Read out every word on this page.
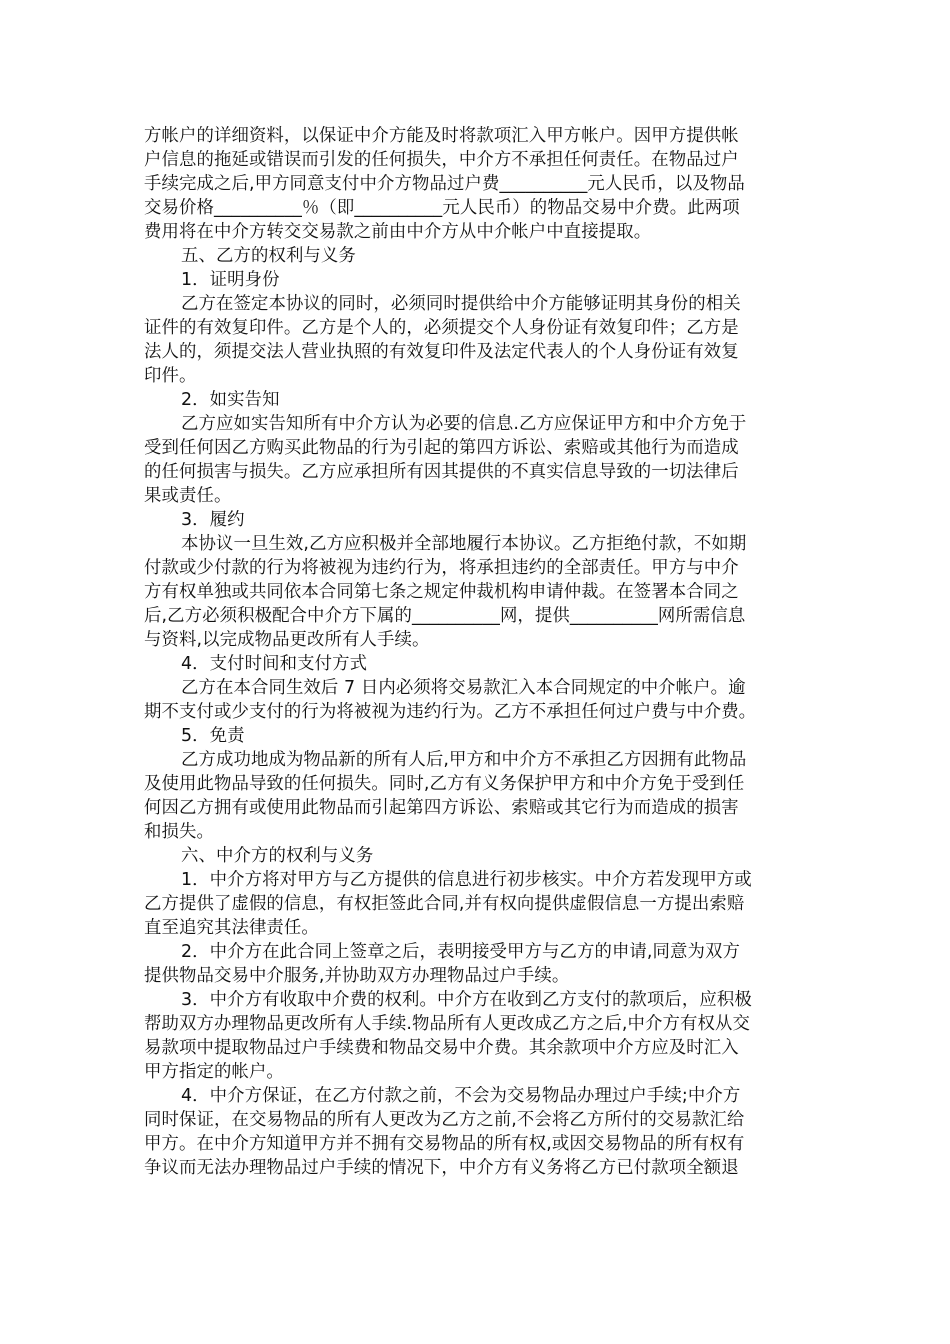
方帐户的详细资料，以保证中介方能及时将款项汇入甲方帐户。因甲方提供帐
户信息的拖延或错误而引发的任何损失，中介方不承担任何责任。在物品过户
手续完成之后,甲方同意支付中介方物品过户费__________元人民币，以及物品
交易价格__________％（即__________元人民币）的物品交易中介费。此两项
费用将在中介方转交交易款之前由中介方从中介帐户中直接提取。
五、乙方的权利与义务
1．证明身份
乙方在签定本协议的同时，必须同时提供给中介方能够证明其身份的相关
证件的有效复印件。乙方是个人的，必须提交个人身份证有效复印件；乙方是
法人的，须提交法人营业执照的有效复印件及法定代表人的个人身份证有效复
印件。
2．如实告知
乙方应如实告知所有中介方认为必要的信息.乙方应保证甲方和中介方免于
受到任何因乙方购买此物品的行为引起的第四方诉讼、索赔或其他行为而造成
的任何损害与损失。乙方应承担所有因其提供的不真实信息导致的一切法律后
果或责任。
3．履约
本协议一旦生效,乙方应积极并全部地履行本协议。乙方拒绝付款，不如期
付款或少付款的行为将被视为违约行为，将承担违约的全部责任。甲方与中介
方有权单独或共同依本合同第七条之规定仲裁机构申请仲裁。在签署本合同之
后,乙方必须积极配合中介方下属的__________网，提供__________网所需信息
与资料,以完成物品更改所有人手续。
4．支付时间和支付方式
乙方在本合同生效后 7 日内必须将交易款汇入本合同规定的中介帐户。逾
期不支付或少支付的行为将被视为违约行为。乙方不承担任何过户费与中介费。
5．免责
乙方成功地成为物品新的所有人后,甲方和中介方不承担乙方因拥有此物品
及使用此物品导致的任何损失。同时,乙方有义务保护甲方和中介方免于受到任
何因乙方拥有或使用此物品而引起第四方诉讼、索赔或其它行为而造成的损害
和损失。
六、中介方的权利与义务
1．中介方将对甲方与乙方提供的信息进行初步核实。中介方若发现甲方或
乙方提供了虚假的信息，有权拒签此合同,并有权向提供虚假信息一方提出索赔
直至追究其法律责任。
2．中介方在此合同上签章之后，表明接受甲方与乙方的申请,同意为双方
提供物品交易中介服务,并协助双方办理物品过户手续。
3．中介方有收取中介费的权利。中介方在收到乙方支付的款项后，应积极
帮助双方办理物品更改所有人手续.物品所有人更改成乙方之后,中介方有权从交
易款项中提取物品过户手续费和物品交易中介费。其余款项中介方应及时汇入
甲方指定的帐户。
4．中介方保证，在乙方付款之前，不会为交易物品办理过户手续;中介方
同时保证，在交易物品的所有人更改为乙方之前,不会将乙方所付的交易款汇给
甲方。在中介方知道甲方并不拥有交易物品的所有权,或因交易物品的所有权有
争议而无法办理物品过户手续的情况下，中介方有义务将乙方已付款项全额退
